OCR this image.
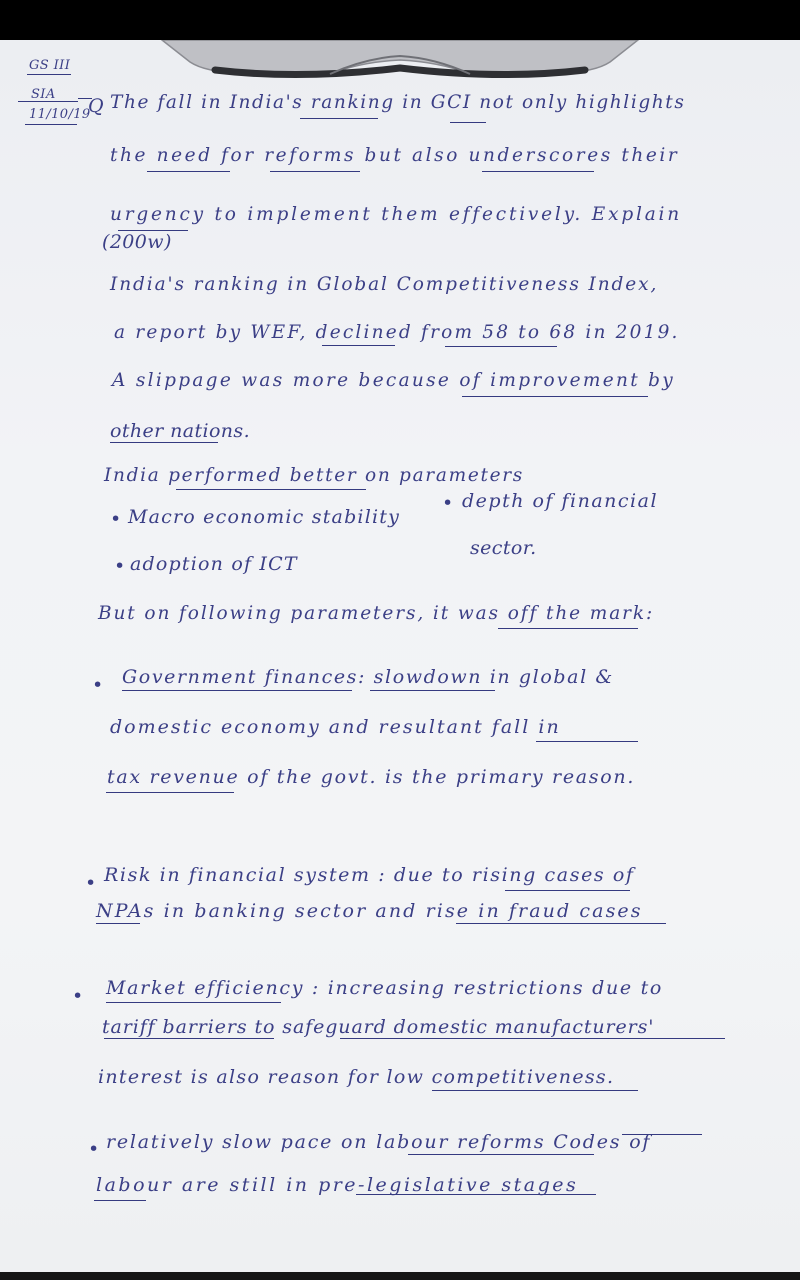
GS III
SIA
11/10/19
Q The fall in India's ranking in GCI not only highlights
the need for reforms but also underscores their
urgency to implement them effectively. Explain
(200w)
India's ranking in Global Competitiveness Index,
a report by WEF, declined from 58 to 68 in 2019.
A slippage was more because of improvement by
other nations.
India performed better on parameters
• Macro economic stability
• depth of financial
sector.
• adoption of ICT
But on following parameters, it was off the mark:
• Government finances: slowdown in global &
domestic economy and resultant fall in
tax revenue of the govt. is the primary reason.
• Risk in financial system : due to rising cases of
NPAs in banking sector and rise in fraud cases
• Market efficiency : increasing restrictions due to
tariff barriers to safeguard domestic manufacturers'
interest is also reason for low competitiveness.
• relatively slow pace on labour reforms Codes of
labour are still in pre-legislative stages
